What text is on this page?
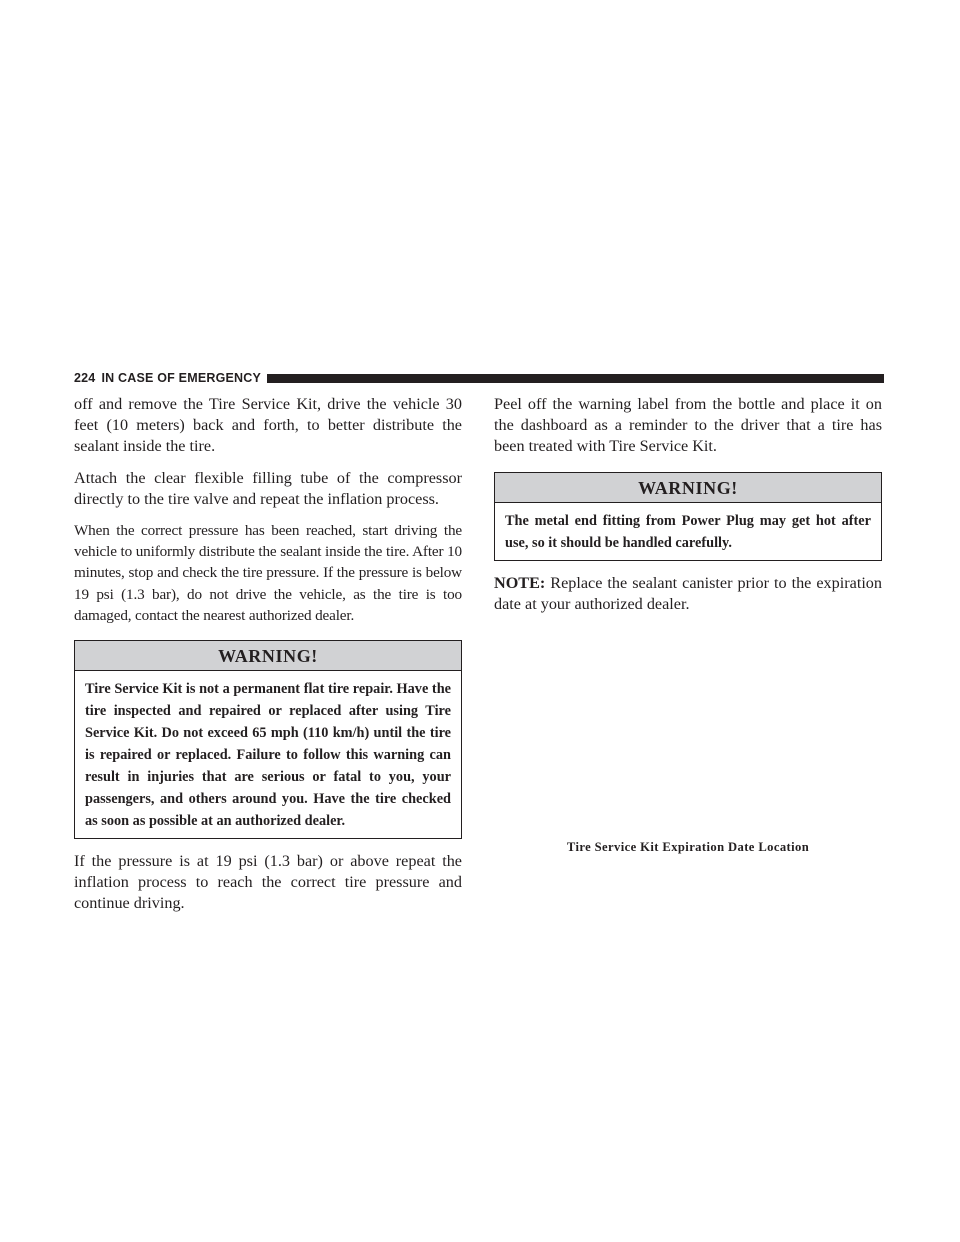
224 IN CASE OF EMERGENCY

off and remove the Tire Service Kit, drive the vehicle 30 feet (10 meters) back and forth, to better distribute the sealant inside the tire.

Attach the clear flexible filling tube of the compressor directly to the tire valve and repeat the inflation process.

When the correct pressure has been reached, start driving the vehicle to uniformly distribute the sealant inside the tire. After 10 minutes, stop and check the tire pressure. If the pressure is below 19 psi (1.3 bar), do not drive the vehicle, as the tire is too damaged, contact the nearest authorized dealer.

WARNING!
Tire Service Kit is not a permanent flat tire repair. Have the tire inspected and repaired or replaced after using Tire Service Kit. Do not exceed 65 mph (110 km/h) until the tire is repaired or replaced. Failure to follow this warning can result in injuries that are serious or fatal to you, your passengers, and others around you. Have the tire checked as soon as possible at an authorized dealer.

If the pressure is at 19 psi (1.3 bar) or above repeat the inflation process to reach the correct tire pressure and continue driving.

Peel off the warning label from the bottle and place it on the dashboard as a reminder to the driver that a tire has been treated with Tire Service Kit.

WARNING!
The metal end fitting from Power Plug may get hot after use, so it should be handled carefully.

NOTE: Replace the sealant canister prior to the expiration date at your authorized dealer.

Tire Service Kit Expiration Date Location
